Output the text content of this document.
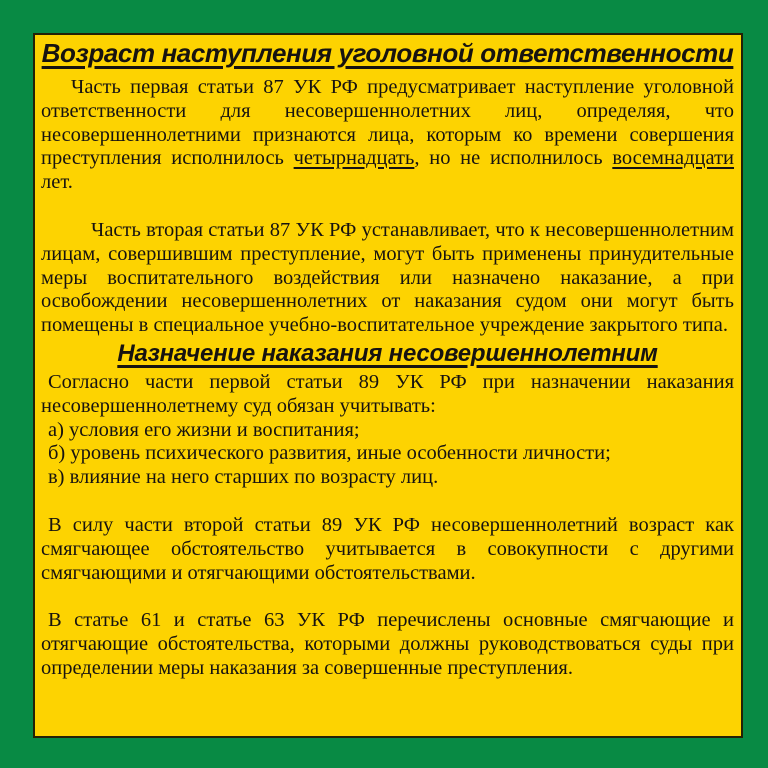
Возраст наступления уголовной ответственности

Часть первая статьи 87 УК РФ предусматривает наступление уголовной ответственности для несовершеннолетних лиц, определяя, что несовершеннолетними признаются лица, которым ко времени совершения преступления исполнилось четырнадцать, но не исполнилось восемнадцати лет.

Часть вторая статьи 87 УК РФ устанавливает, что к несовершеннолетним лицам, совершившим преступление, могут быть применены принудительные меры воспитательного воздействия или назначено наказание, а при освобождении несовершеннолетних от наказания судом они могут быть помещены в специальное учебно-воспитательное учреждение закрытого типа.

Назначение наказания несовершеннолетним

Согласно части первой статьи 89 УК РФ при назначении наказания несовершеннолетнему суд обязан учитывать:

а) условия его жизни и воспитания;
б) уровень психического развития, иные особенности личности;
в) влияние на него старших по возрасту лиц.

В силу части второй статьи 89 УК РФ несовершеннолетний возраст как смягчающее обстоятельство учитывается в совокупности с другими смягчающими и отягчающими обстоятельствами.

В статье 61 и статье 63 УК РФ перечислены основные смягчающие и отягчающие обстоятельства, которыми должны руководствоваться суды при определении меры наказания за совершенные преступления.
